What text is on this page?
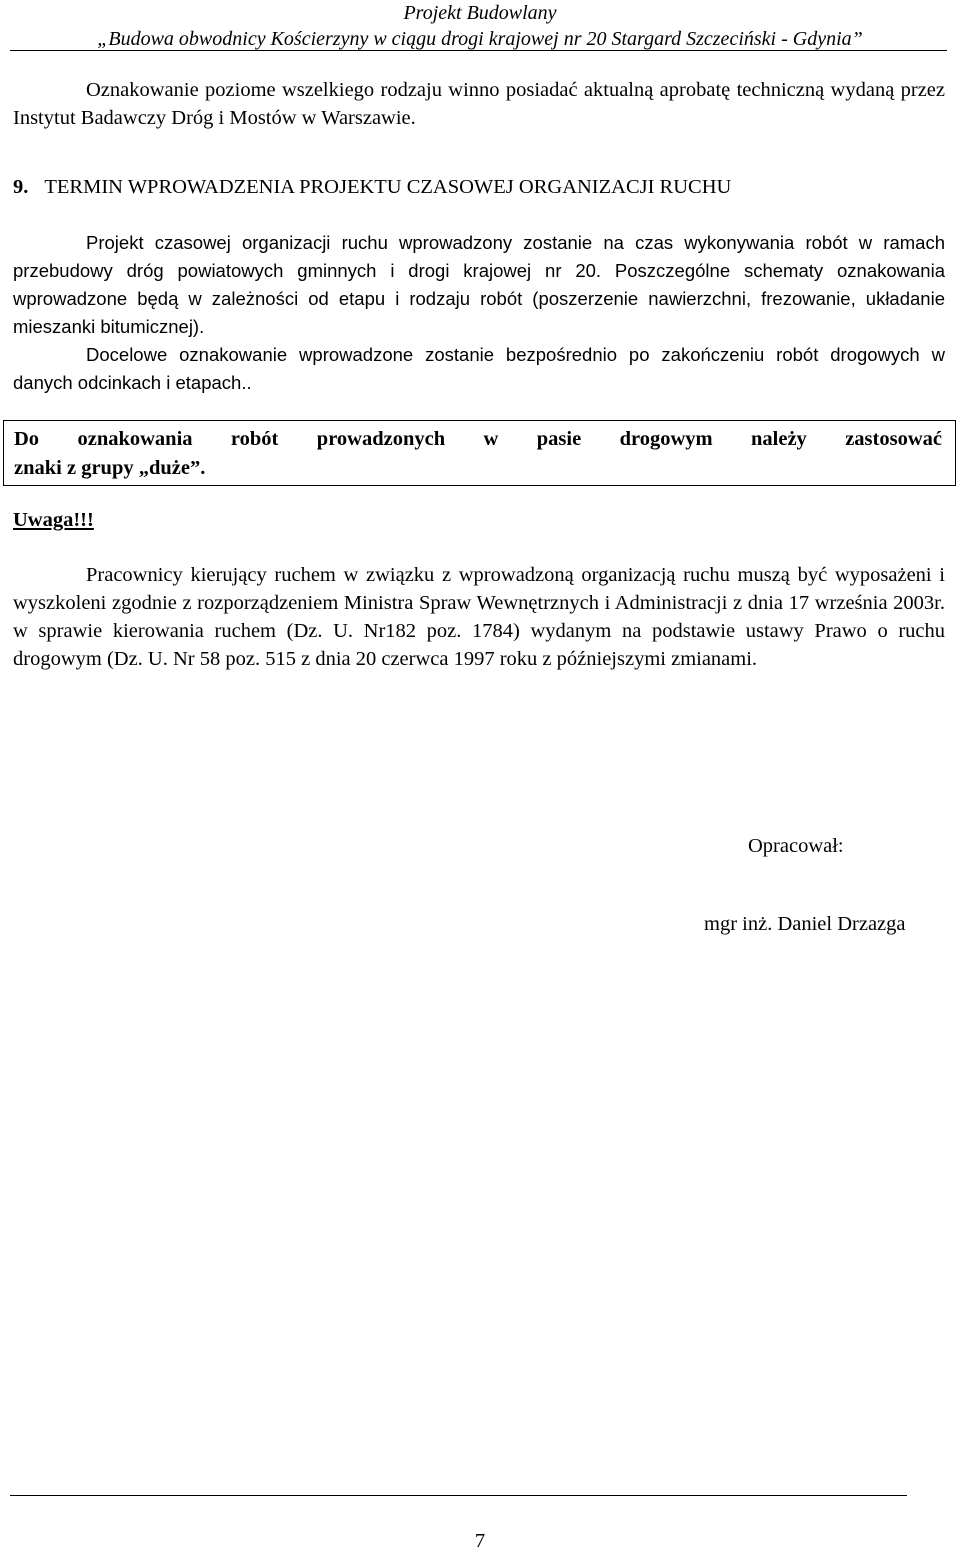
Projekt Budowlany
„Budowa obwodnicy Kościerzyny w ciągu drogi krajowej nr 20 Stargard Szczeciński - Gdynia”

Oznakowanie poziome wszelkiego rodzaju winno posiadać aktualną aprobatę techniczną wydaną przez Instytut Badawczy Dróg i Mostów w Warszawie.

9. TERMIN WPROWADZENIA PROJEKTU CZASOWEJ ORGANIZACJI RUCHU

Projekt czasowej organizacji ruchu wprowadzony zostanie na czas wykonywania robót w ramach przebudowy dróg powiatowych gminnych i drogi krajowej nr 20. Poszczególne schematy oznakowania wprowadzone będą w zależności od etapu i rodzaju robót (poszerzenie nawierzchni, frezowanie, układanie mieszanki bitumicznej).

Docelowe oznakowanie wprowadzone zostanie bezpośrednio po zakończeniu robót drogowych w danych odcinkach i etapach..

Do oznakowania robót prowadzonych w pasie drogowym należy zastosować
znaki z grupy „duże”.

Uwaga!!!

Pracownicy kierujący ruchem w związku z wprowadzoną organizacją ruchu muszą być wyposażeni i wyszkoleni zgodnie z rozporządzeniem Ministra Spraw Wewnętrznych i Administracji z dnia 17 września 2003r. w sprawie kierowania ruchem (Dz. U. Nr182 poz. 1784) wydanym na podstawie ustawy Prawo o ruchu drogowym (Dz. U. Nr 58 poz. 515 z dnia 20 czerwca 1997 roku z późniejszymi zmianami.

Opracował:

mgr inż. Daniel Drzazga

7
